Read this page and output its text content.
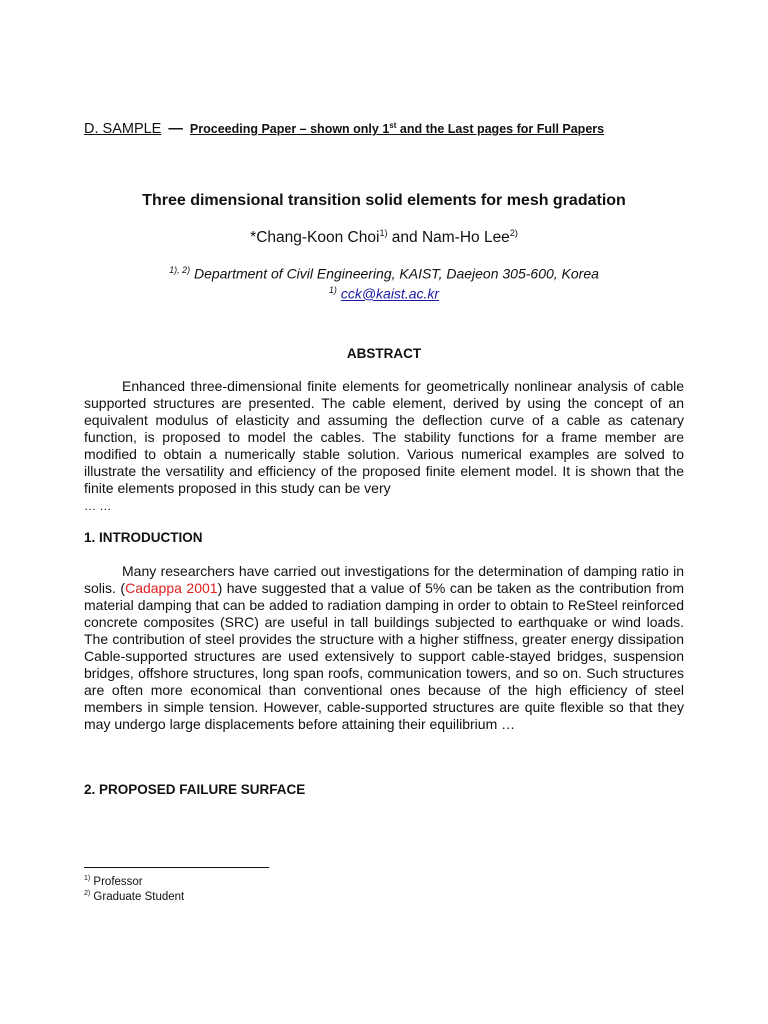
D. SAMPLE — Proceeding Paper – shown only 1st and the Last pages for Full Papers
Three dimensional transition solid elements for mesh gradation
*Chang-Koon Choi$^{1)}$ and Nam-Ho Lee$^{2)}$
$^{1), 2)}$ Department of Civil Engineering, KAIST, Daejeon 305-600, Korea
$^{1)}$ cck@kaist.ac.kr
ABSTRACT

Enhanced three-dimensional finite elements for geometrically nonlinear analysis of cable supported structures are presented. The cable element, derived by using the concept of an equivalent modulus of elasticity and assuming the deflection curve of a cable as catenary function, is proposed to model the cables. The stability functions for a frame member are modified to obtain a numerically stable solution. Various numerical examples are solved to illustrate the versatility and efficiency of the proposed finite element model. It is shown that the finite elements proposed in this study can be very
… …

1. INTRODUCTION

Many researchers have carried out investigations for the determination of damping ratio in solis. (Cadappa 2001) have suggested that a value of 5% can be taken as the contribution from material damping that can be added to radiation damping in order to obtain to ReSteel reinforced concrete composites (SRC) are useful in tall buildings subjected to earthquake or wind loads. The contribution of steel provides the structure with a higher stiffness, greater energy dissipation Cable-supported structures are used extensively to support cable-stayed bridges, suspension bridges, offshore structures, long span roofs, communication towers, and so on. Such structures are often more economical than conventional ones because of the high efficiency of steel members in simple tension. However, cable-supported structures are quite flexible so that they may undergo large displacements before attaining their equilibrium …

2. PROPOSED FAILURE SURFACE
$^{1)}$ Professor
$^{2)}$ Graduate Student
